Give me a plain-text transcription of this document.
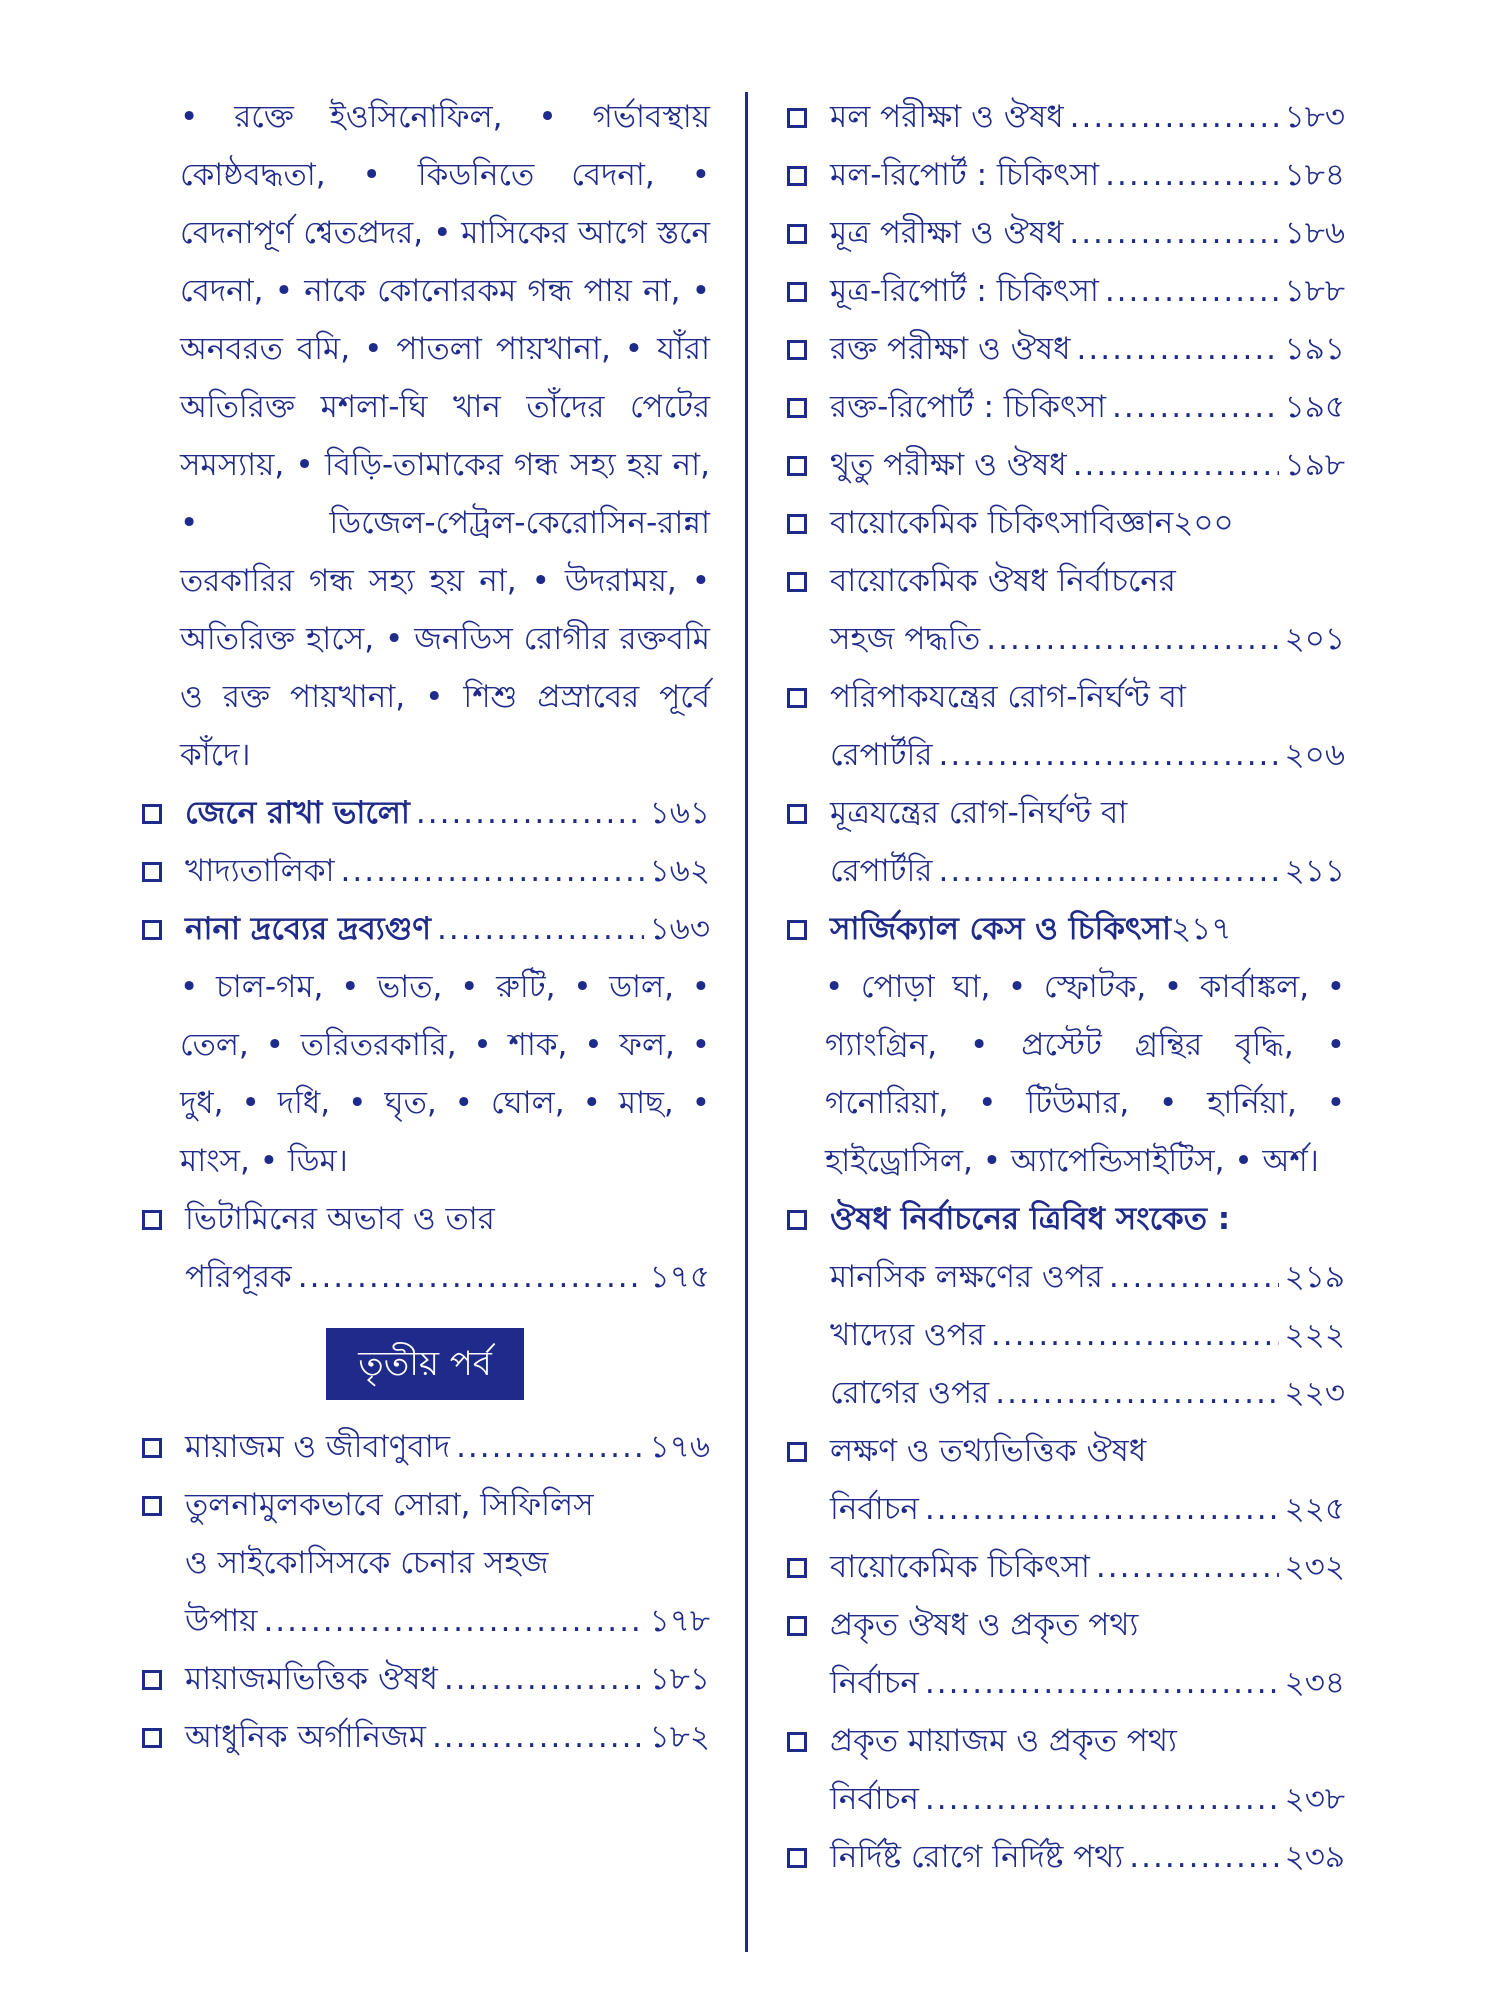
• রক্তে ইওসিনোফিল, • গর্ভাবস্থায় কোষ্ঠবদ্ধতা, • কিডনিতে বেদনা, • বেদনাপূর্ণ শ্বেতপ্রদর, • মাসিকের আগে স্তনে বেদনা, • নাকে কোনোরকম গন্ধ পায় না, • অনবরত বমি, • পাতলা পায়খানা, • যাঁরা অতিরিক্ত মশলা-ঘি খান তাঁদের পেটের সমস্যায়, • বিড়ি-তামাকের গন্ধ সহ্য হয় না, • ডিজেল-পেট্রল-কেরোসিন-রান্না তরকারির গন্ধ সহ্য হয় না, • উদরাময়, • অতিরিক্ত হাসে, • জনডিস রোগীর রক্তবমি ও রক্ত পায়খানা, • শিশু প্রস্রাবের পূর্বে কাঁদে।

জেনে রাখা ভালো .....	১৬১
খাদ্যতালিকা .....	১৬২
নানা দ্রব্যের দ্রব্যগুণ .....	১৬৩

• চাল-গম, • ভাত, • রুটি, • ডাল, • তেল, • তরিতরকারি, • শাক, • ফল, • দুধ, • দধি, • ঘৃত, • ঘোল, • মাছ, • মাংস, • ডিম।

ভিটামিনের অভাব ও তার
পরিপূরক .....	১৭৫
তৃতীয় পর্ব
মায়াজম ও জীবাণুবাদ .....	১৭৬
তুলনামুলকভাবে সোরা, সিফিলিস
ও সাইকোসিসকে চেনার সহজ
উপায় .....	১৭৮
মায়াজমভিত্তিক ঔষধ .....	১৮১
আধুনিক অর্গানিজম .....	১৮২
মল পরীক্ষা ও ঔষধ .....	১৮৩
মল-রিপোর্ট : চিকিৎসা .....	১৮৪
মূত্র পরীক্ষা ও ঔষধ .....	১৮৬
মূত্র-রিপোর্ট : চিকিৎসা .....	১৮৮
রক্ত পরীক্ষা ও ঔষধ .....	১৯১
রক্ত-রিপোর্ট : চিকিৎসা .....	১৯৫
থুতু পরীক্ষা ও ঔষধ .....	১৯৮
বায়োকেমিক চিকিৎসাবিজ্ঞান ২০০
বায়োকেমিক ঔষধ নির্বাচনের
সহজ পদ্ধতি .....	২০১
পরিপাকযন্ত্রের রোগ-নির্ঘণ্ট বা
রেপার্টরি .....	২০৬
মূত্রযন্ত্রের রোগ-নির্ঘণ্ট বা
রেপার্টরি .....	২১১
সার্জিক্যাল কেস ও চিকিৎসা ২১৭

• পোড়া ঘা, • স্ফোটক, • কার্বাঙ্কল, • গ্যাংগ্রিন, • প্রস্টেট গ্রন্থির বৃদ্ধি, • গনোরিয়া, • টিউমার, • হার্নিয়া, • হাইড্রোসিল, • অ্যাপেন্ডিসাইটিস, • অর্শ।

ঔষধ নির্বাচনের ত্রিবিধ সংকেত :
মানসিক লক্ষণের ওপর .....	২১৯
খাদ্যের ওপর .....	২২২
রোগের ওপর .....	২২৩
লক্ষণ ও তথ্যভিত্তিক ঔষধ
নির্বাচন .....	২২৫
বায়োকেমিক চিকিৎসা .....	২৩২
প্রকৃত ঔষধ ও প্রকৃত পথ্য
নির্বাচন .....	২৩৪
প্রকৃত মায়াজম ও প্রকৃত পথ্য
নির্বাচন .....	২৩৮
নির্দিষ্ট রোগে নির্দিষ্ট পথ্য .....	২৩৯
